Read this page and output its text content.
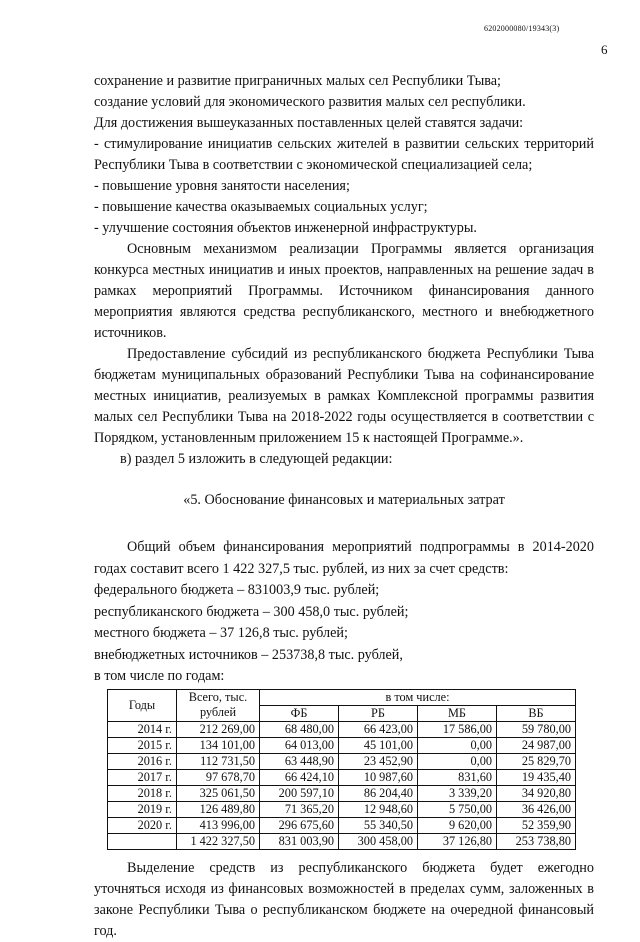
6202000080/19343(3)
6

сохранение и развитие приграничных малых сел Республики Тыва;

создание условий для экономического развития малых сел республики.

Для достижения вышеуказанных поставленных целей ставятся задачи:

- стимулирование инициатив сельских жителей в развитии сельских территорий Республики Тыва в соответствии с экономической специализацией села;

- повышение уровня занятости населения;

- повышение качества оказываемых социальных услуг;

- улучшение состояния объектов инженерной инфраструктуры.

Основным механизмом реализации Программы является организация конкурса местных инициатив и иных проектов, направленных на решение задач в рамках мероприятий Программы. Источником финансирования данного мероприятия являются средства республиканского, местного и внебюджетного источников.

Предоставление субсидий из республиканского бюджета Республики Тыва бюджетам муниципальных образований Республики Тыва на софинансирование местных инициатив, реализуемых в рамках Комплексной программы развития малых сел Республики Тыва на 2018-2022 годы осуществляется в соответствии с Порядком, установленным приложением 15 к настоящей Программе.».

в) раздел 5 изложить в следующей редакции:

«5. Обоснование финансовых и материальных затрат

Общий объем финансирования мероприятий подпрограммы в 2014-2020 годах составит всего 1 422 327,5 тыс. рублей, из них за счет средств:

федерального бюджета – 831003,9 тыс. рублей;

республиканского бюджета – 300 458,0 тыс. рублей;

местного бюджета – 37 126,8 тыс. рублей;

внебюджетных источников – 253738,8 тыс. рублей,

в том числе по годам:

Годы	Всего, тыс. рублей	в том числе:			
		ФБ	РБ	МБ	ВБ
2014 г.	212 269,00	68 480,00	66 423,00	17 586,00	59 780,00
2015 г.	134 101,00	64 013,00	45 101,00	0,00	24 987,00
2016 г.	112 731,50	63 448,90	23 452,90	0,00	25 829,70
2017 г.	97 678,70	66 424,10	10 987,60	831,60	19 435,40
2018 г.	325 061,50	200 597,10	86 204,40	3 339,20	34 920,80
2019 г.	126 489,80	71 365,20	12 948,60	5 750,00	36 426,00
2020 г.	413 996,00	296 675,60	55 340,50	9 620,00	52 359,90
	1 422 327,50	831 003,90	300 458,00	37 126,80	253 738,80

Выделение средств из республиканского бюджета будет ежегодно уточняться исходя из финансовых возможностей в пределах сумм, заложенных в законе Республики Тыва о республиканском бюджете на очередной финансовый год.
